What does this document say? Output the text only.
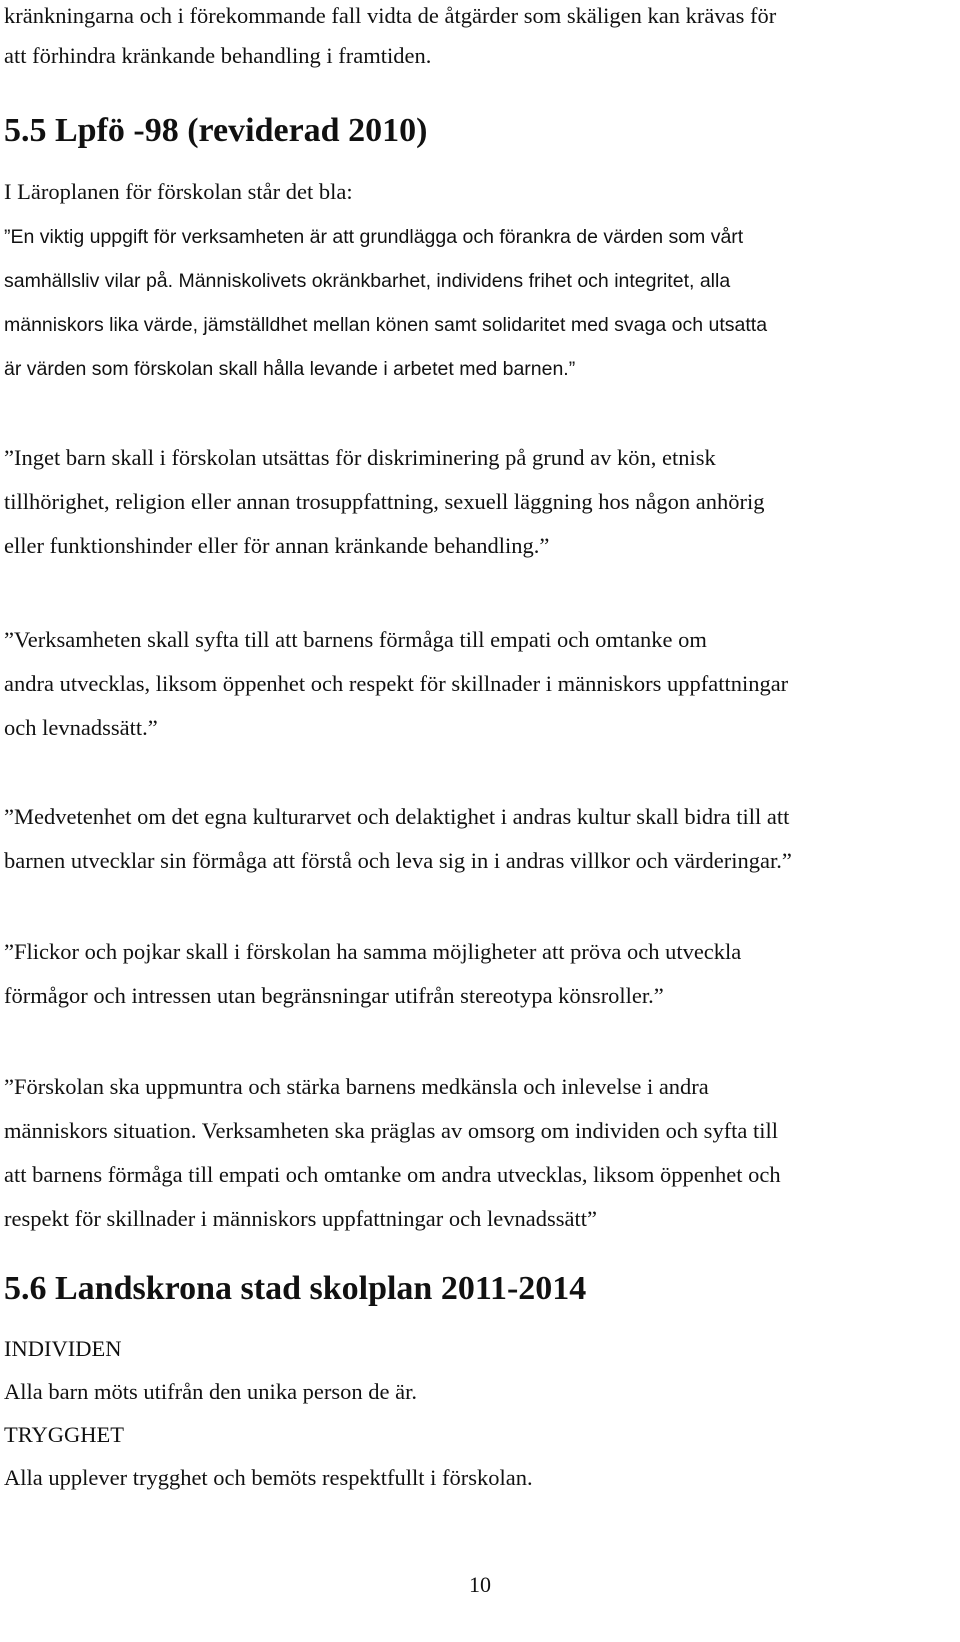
kränkningarna och i förekommande fall vidta de åtgärder som skäligen kan krävas för

att förhindra kränkande behandling i framtiden.

5.5 Lpfö -98 (reviderad 2010)

I Läroplanen för förskolan står det bla:

”En viktig uppgift för verksamheten är att grundlägga och förankra de värden som vårt

samhällsliv vilar på. Människolivets okränkbarhet, individens frihet och integritet, alla

människors lika värde, jämställdhet mellan könen samt solidaritet med svaga och utsatta

är värden som förskolan skall hålla levande i arbetet med barnen.”

”Inget barn skall i förskolan utsättas för diskriminering på grund av kön, etnisk

tillhörighet, religion eller annan trosuppfattning, sexuell läggning hos någon anhörig

eller funktionshinder eller för annan kränkande behandling.”

”Verksamheten skall syfta till att barnens förmåga till empati och omtanke om

andra utvecklas, liksom öppenhet och respekt för skillnader i människors uppfattningar

och levnadssätt.”

”Medvetenhet om det egna kulturarvet och delaktighet i andras kultur skall bidra till att

barnen utvecklar sin förmåga att förstå och leva sig in i andras villkor och värderingar.”

”Flickor och pojkar skall i förskolan ha samma möjligheter att pröva och utveckla

förmågor och intressen utan begränsningar utifrån stereotypa könsroller.”

”Förskolan ska uppmuntra och stärka barnens medkänsla och inlevelse i andra

människors situation. Verksamheten ska präglas av omsorg om individen och syfta till

att barnens förmåga till empati och omtanke om andra utvecklas, liksom öppenhet och

respekt för skillnader i människors uppfattningar och levnadssätt”

5.6 Landskrona stad skolplan 2011-2014

INDIVIDEN

Alla barn möts utifrån den unika person de är.

TRYGGHET

Alla upplever trygghet och bemöts respektfullt i förskolan.

10
